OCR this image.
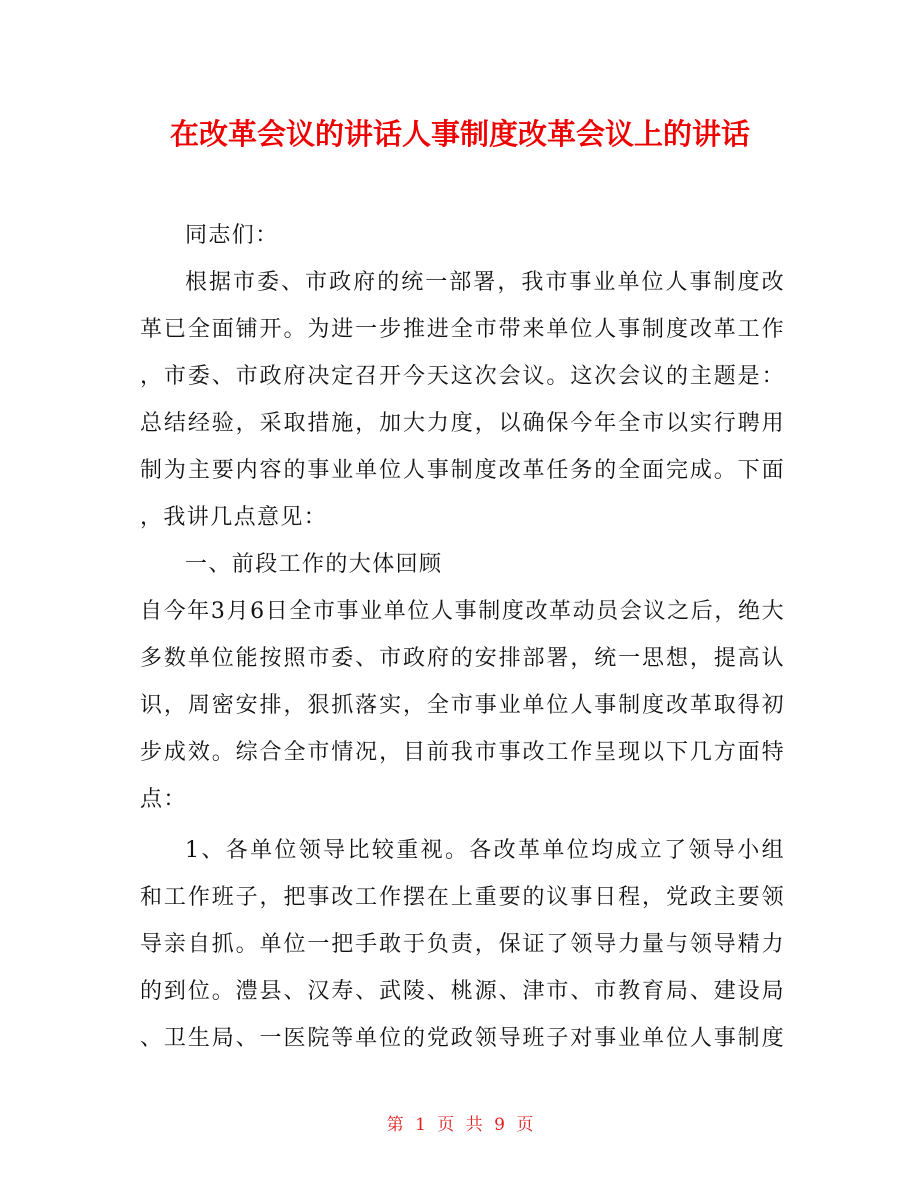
在改革会议的讲话人事制度改革会议上的讲话
同志们：
根据市委、市政府的统一部署，我市事业单位人事制度改
革已全面铺开。为进一步推进全市带来单位人事制度改革工作
，市委、市政府决定召开今天这次会议。这次会议的主题是：
总结经验，采取措施，加大力度，以确保今年全市以实行聘用
制为主要内容的事业单位人事制度改革任务的全面完成。下面
，我讲几点意见：
一、前段工作的大体回顾
自今年3月6日全市事业单位人事制度改革动员会议之后，绝大
多数单位能按照市委、市政府的安排部署，统一思想，提高认
识，周密安排，狠抓落实，全市事业单位人事制度改革取得初
步成效。综合全市情况，目前我市事改工作呈现以下几方面特
点：
1、各单位领导比较重视。各改革单位均成立了领导小组
和工作班子，把事改工作摆在上重要的议事日程，党政主要领
导亲自抓。单位一把手敢于负责，保证了领导力量与领导精力
的到位。澧县、汉寿、武陵、桃源、津市、市教育局、建设局
、卫生局、一医院等单位的党政领导班子对事业单位人事制度
第 1 页 共 9 页
